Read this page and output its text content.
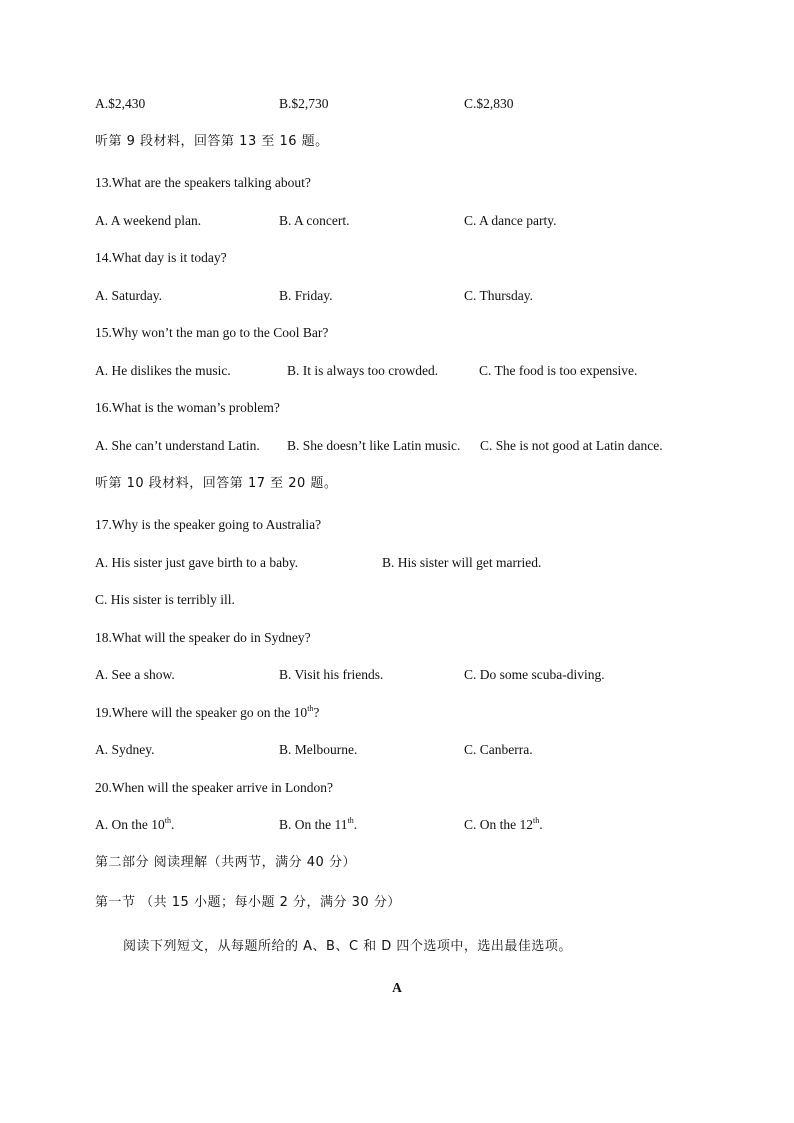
A.$2,430	B.$2,730	C.$2,830
听第 9 段材料，回答第 13 至 16 题。
13.What are the speakers talking about?
A. A weekend plan.	B. A concert.	C. A dance party.
14.What day is it today?
A. Saturday.	B. Friday.	C. Thursday.
15.Why won’t the man go to the Cool Bar?
A. He dislikes the music.	B. It is always too crowded.	C. The food is too expensive.
16.What is the woman’s problem?
A. She can’t understand Latin. B. She doesn’t like Latin music. C. She is not good at Latin dance.
听第 10 段材料，回答第 17 至 20 题。
17.Why is the speaker going to Australia?
A. His sister just gave birth to a baby.	B. His sister will get married.
C. His sister is terribly ill.
18.What will the speaker do in Sydney?
A. See a show.	B. Visit his friends.	C. Do some scuba-diving.
19.Where will the speaker go on the 10th?
A. Sydney.	B. Melbourne.	C. Canberra.
20.When will the speaker arrive in London?
A. On the 10th.	B. On the 11th.	C. On the 12th.
第二部分 阅读理解（共两节，满分 40 分）
第一节 （共 15 小题；每小题 2 分，满分 30 分）
阅读下列短文，从每题所给的 A、B、C 和 D 四个选项中，选出最佳选项。
A
